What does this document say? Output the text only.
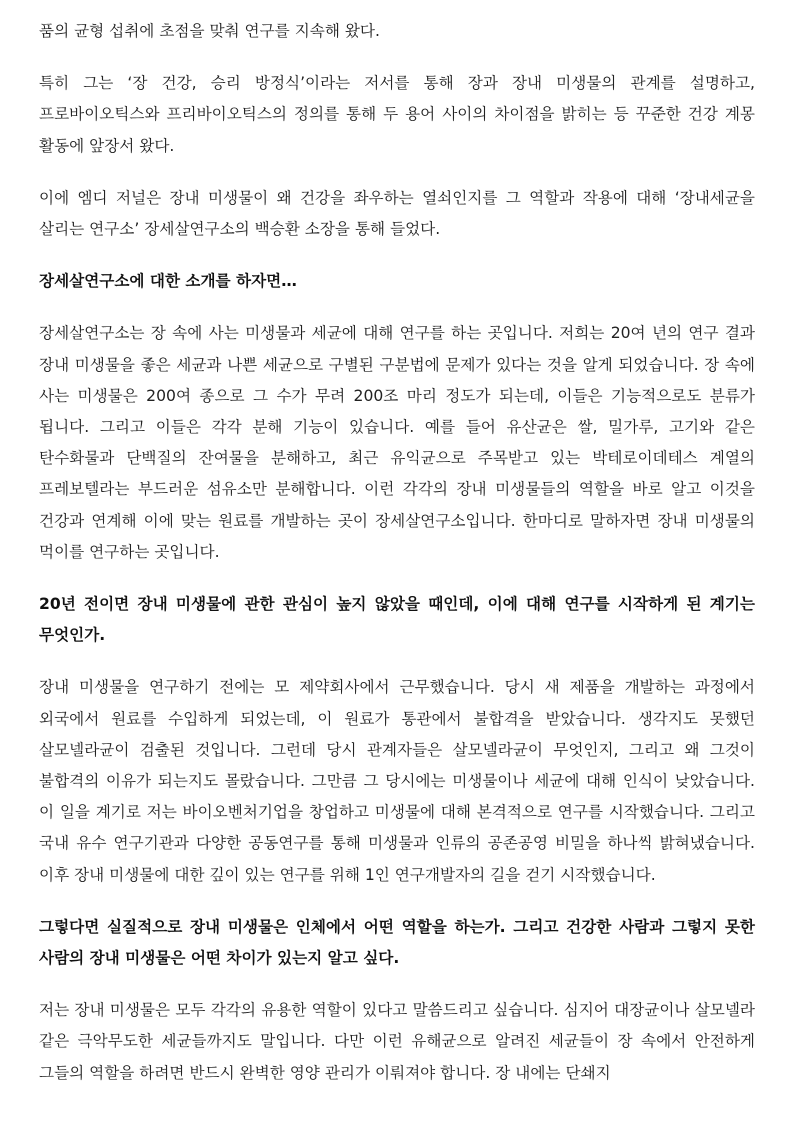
품의 균형 섭취에 초점을 맞춰 연구를 지속해 왔다.

특히 그는 ‘장 건강, 승리 방정식’이라는 저서를 통해 장과 장내 미생물의 관계를 설명하고, 프로바이오틱스와 프리바이오틱스의 정의를 통해 두 용어 사이의 차이점을 밝히는 등 꾸준한 건강 계몽 활동에 앞장서 왔다.

이에 엠디 저널은 장내 미생물이 왜 건강을 좌우하는 열쇠인지를 그 역할과 작용에 대해 ‘장내세균을 살리는 연구소’ 장세살연구소의 백승환 소장을 통해 들었다.

장세살연구소에 대한 소개를 하자면…

장세살연구소는 장 속에 사는 미생물과 세균에 대해 연구를 하는 곳입니다. 저희는 20여 년의 연구 결과 장내 미생물을 좋은 세균과 나쁜 세균으로 구별된 구분법에 문제가 있다는 것을 알게 되었습니다. 장 속에 사는 미생물은 200여 종으로 그 수가 무려 200조 마리 정도가 되는데, 이들은 기능적으로도 분류가 됩니다. 그리고 이들은 각각 분해 기능이 있습니다. 예를 들어 유산균은 쌀, 밀가루, 고기와 같은 탄수화물과 단백질의 잔여물을 분해하고, 최근 유익균으로 주목받고 있는 박테로이데테스 계열의 프레보텔라는 부드러운 섬유소만 분해합니다. 이런 각각의 장내 미생물들의 역할을 바로 알고 이것을 건강과 연계해 이에 맞는 원료를 개발하는 곳이 장세살연구소입니다. 한마디로 말하자면 장내 미생물의 먹이를 연구하는 곳입니다.

20년 전이면 장내 미생물에 관한 관심이 높지 않았을 때인데, 이에 대해 연구를 시작하게 된 계기는 무엇인가.

장내 미생물을 연구하기 전에는 모 제약회사에서 근무했습니다. 당시 새 제품을 개발하는 과정에서 외국에서 원료를 수입하게 되었는데, 이 원료가 통관에서 불합격을 받았습니다. 생각지도 못했던 살모넬라균이 검출된 것입니다. 그런데 당시 관계자들은 살모넬라균이 무엇인지, 그리고 왜 그것이 불합격의 이유가 되는지도 몰랐습니다. 그만큼 그 당시에는 미생물이나 세균에 대해 인식이 낮았습니다. 이 일을 계기로 저는 바이오벤처기업을 창업하고 미생물에 대해 본격적으로 연구를 시작했습니다. 그리고 국내 유수 연구기관과 다양한 공동연구를 통해 미생물과 인류의 공존공영 비밀을 하나씩 밝혀냈습니다. 이후 장내 미생물에 대한 깊이 있는 연구를 위해 1인 연구개발자의 길을 걷기 시작했습니다.

그렇다면 실질적으로 장내 미생물은 인체에서 어떤 역할을 하는가. 그리고 건강한 사람과 그렇지 못한 사람의 장내 미생물은 어떤 차이가 있는지 알고 싶다.

저는 장내 미생물은 모두 각각의 유용한 역할이 있다고 말씀드리고 싶습니다. 심지어 대장균이나 살모넬라 같은 극악무도한 세균들까지도 말입니다. 다만 이런 유해균으로 알려진 세균들이 장 속에서 안전하게 그들의 역할을 하려면 반드시 완벽한 영양 관리가 이뤄져야 합니다. 장 내에는 단쇄지
